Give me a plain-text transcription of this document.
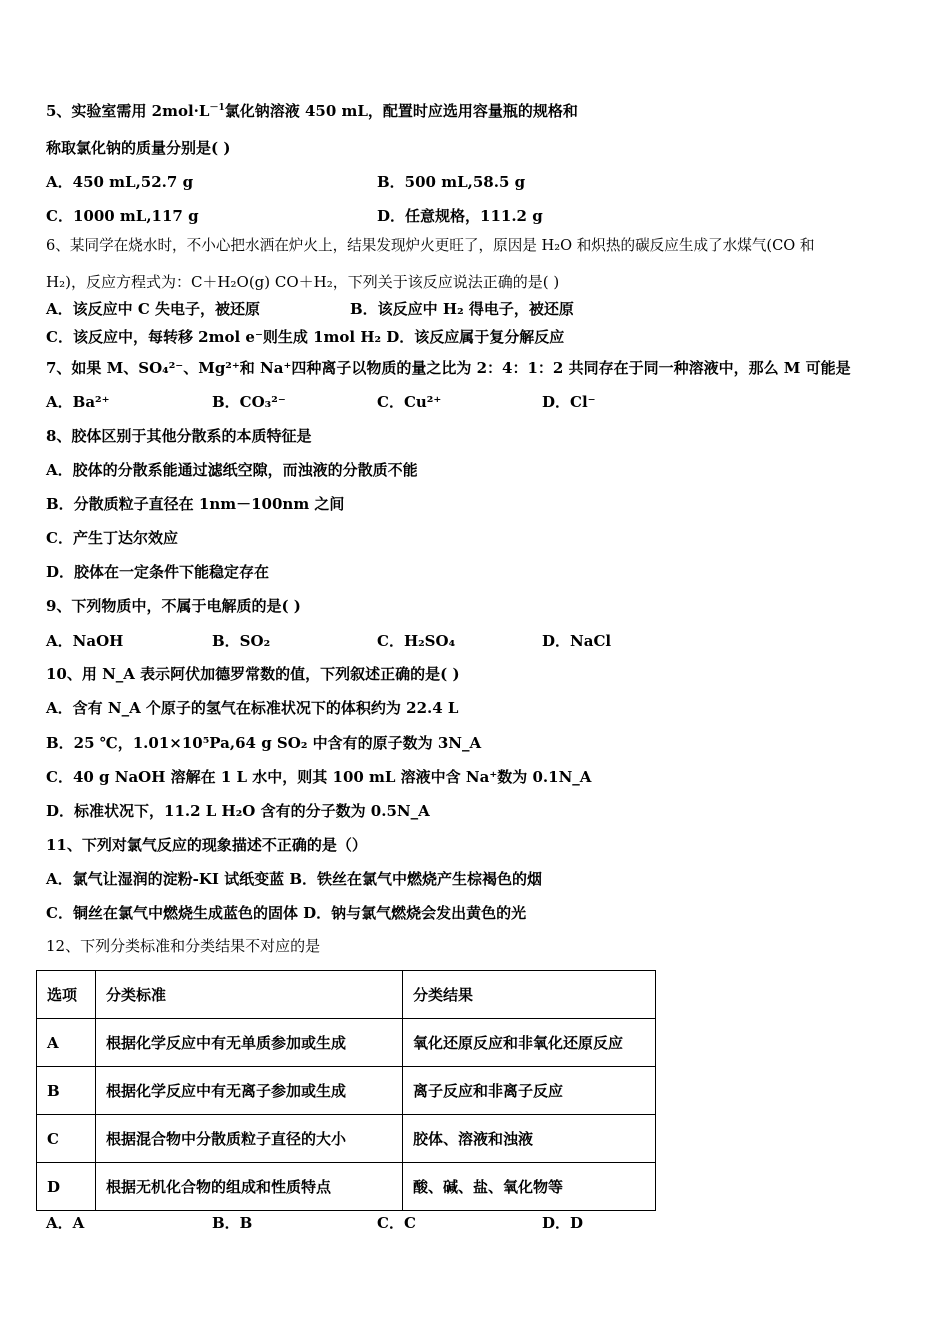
5、实验室需用 $2mol\cdot L^{-1}$氯化钠溶液 450 mL，配置时应选用容量瓶的规格和
称取氯化钠的质量分别是( )
A．450 mL,52.7 g	B．500 mL,58.5 g
C．1000 mL,117 g	D．任意规格，111.2 g
6、某同学在烧水时，不小心把水洒在炉火上，结果发现炉火更旺了，原因是 H₂O 和炽热的碳反应生成了水煤气(CO 和
H₂)，反应方程式为：C＋H₂O(g) CO＋H₂，下列关于该反应说法正确的是( )
A．该反应中 C 失电子，被还原	B．该反应中 H₂ 得电子，被还原
C．该反应中，每转移 2mol e⁻则生成 1mol H₂ D．该反应属于复分解反应
7、如果 M、SO₄²⁻、Mg²⁺和 Na⁺四种离子以物质的量之比为 2：4：1：2 共同存在于同一种溶液中，那么 M 可能是
A．Ba²⁺	B．CO₃²⁻	C．Cu²⁺	D．Cl⁻
8、胶体区别于其他分散系的本质特征是
A．胶体的分散系能通过滤纸空隙，而浊液的分散质不能
B．分散质粒子直径在 1nm－100nm 之间
C．产生丁达尔效应
D．胶体在一定条件下能稳定存在
9、下列物质中，不属于电解质的是( )
A．NaOH	B．SO₂	C．H₂SO₄	D．NaCl
10、用 N_A 表示阿伏加德罗常数的值，下列叙述正确的是( )
A．含有 N_A 个原子的氢气在标准状况下的体积约为 22.4 L
B．25 ℃，1.01×10⁵Pa,64 g SO₂ 中含有的原子数为 3N_A
C．40 g NaOH 溶解在 1 L 水中，则其 100 mL 溶液中含 Na⁺数为 0.1N_A
D．标准状况下，11.2 L H₂O 含有的分子数为 0.5N_A
11、下列对氯气反应的现象描述不正确的是（）
A．氯气让湿润的淀粉-KI 试纸变蓝 B．铁丝在氯气中燃烧产生棕褐色的烟
C．铜丝在氯气中燃烧生成蓝色的固体 D．钠与氯气燃烧会发出黄色的光
12、下列分类标准和分类结果不对应的是
选项	分类标准	分类结果
A	根据化学反应中有无单质参加或生成	氧化还原反应和非氧化还原反应
B	根据化学反应中有无离子参加或生成	离子反应和非离子反应
C	根据混合物中分散质粒子直径的大小	胶体、溶液和浊液
D	根据无机化合物的组成和性质特点	酸、碱、盐、氧化物等
A．A	B．B	C．C	D．D
